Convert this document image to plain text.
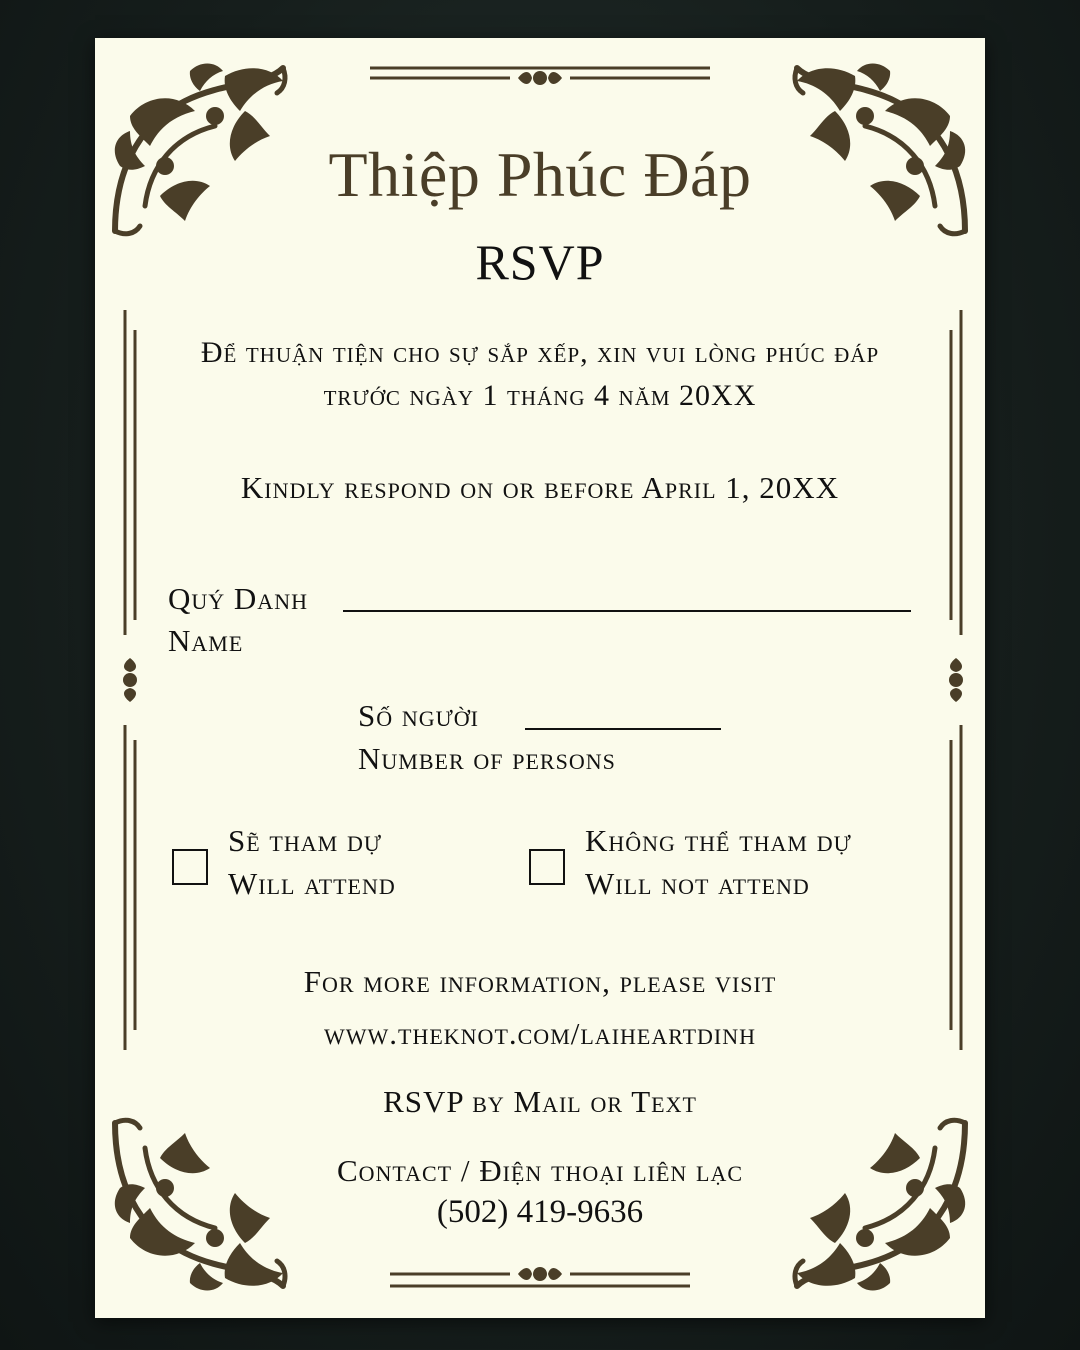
Thiệp Phúc Đáp
RSVP
Để thuận tiện cho sự sắp xếp, xin vui lòng phúc đáp
trước ngày 1 tháng 4 năm 20XX
Kindly respond on or before April 1, 20XX
Quý Danh
Name
Số người
Number of persons
Sẽ tham dự
Will attend
Không thể tham dự
Will not attend
For more information, please visit
www.theknot.com/laiheartdinh
RSVP by Mail or Text
Contact / Điện thoại liên lạc
(502) 419-9636
